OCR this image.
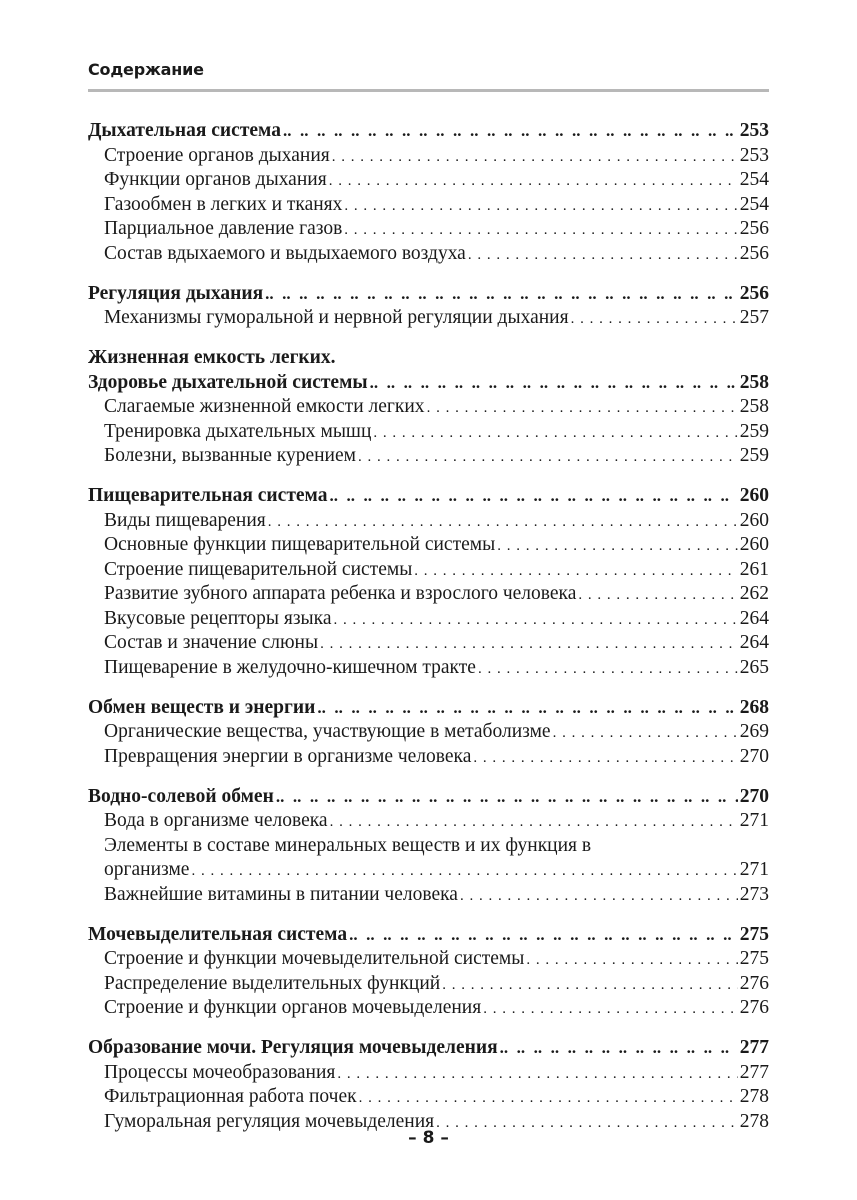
Содержание
Дыхательная система .. .	253
Строение органов дыхания . . .	253
Функции органов дыхания . . .	254
Газообмен в легких и тканях . . .	254
Парциальное давление газов . . .	256
Состав вдыхаемого и выдыхаемого воздуха . . .	256
Регуляция дыхания .. .	256
Механизмы гуморальной и нервной регуляции дыхания . . .	257
Жизненная емкость легких.
Здоровье дыхательной системы .. .	258
Слагаемые жизненной емкости легких . . .	258
Тренировка дыхательных мышц . . .	259
Болезни, вызванные курением . . .	259
Пищеварительная система .. .	260
Виды пищеварения . . .	260
Основные функции пищеварительной системы . . .	260
Строение пищеварительной системы . . .	261
Развитие зубного аппарата ребенка и взрослого человека . . .	262
Вкусовые рецепторы языка . . .	264
Состав и значение слюны . . .	264
Пищеварение в желудочно-кишечном тракте . . .	265
Обмен веществ и энергии .. .	268
Органические вещества, участвующие в метаболизме . . .	269
Превращения энергии в организме человека . . .	270
Водно-солевой обмен .. .	270
Вода в организме человека . . .	271
Элементы в составе минеральных веществ и их функция в
организме . . .	271
Важнейшие витамины в питании человека . . .	273
Мочевыделительная система .. .	275
Строение и функции мочевыделительной системы . . .	275
Распределение выделительных функций . . .	276
Строение и функции органов мочевыделения . . .	276
Образование мочи. Регуляция мочевыделения .. .	277
Процессы мочеобразования . . .	277
Фильтрационная работа почек . . .	278
Гуморальная регуляция мочевыделения . . .	278
– 8 –
